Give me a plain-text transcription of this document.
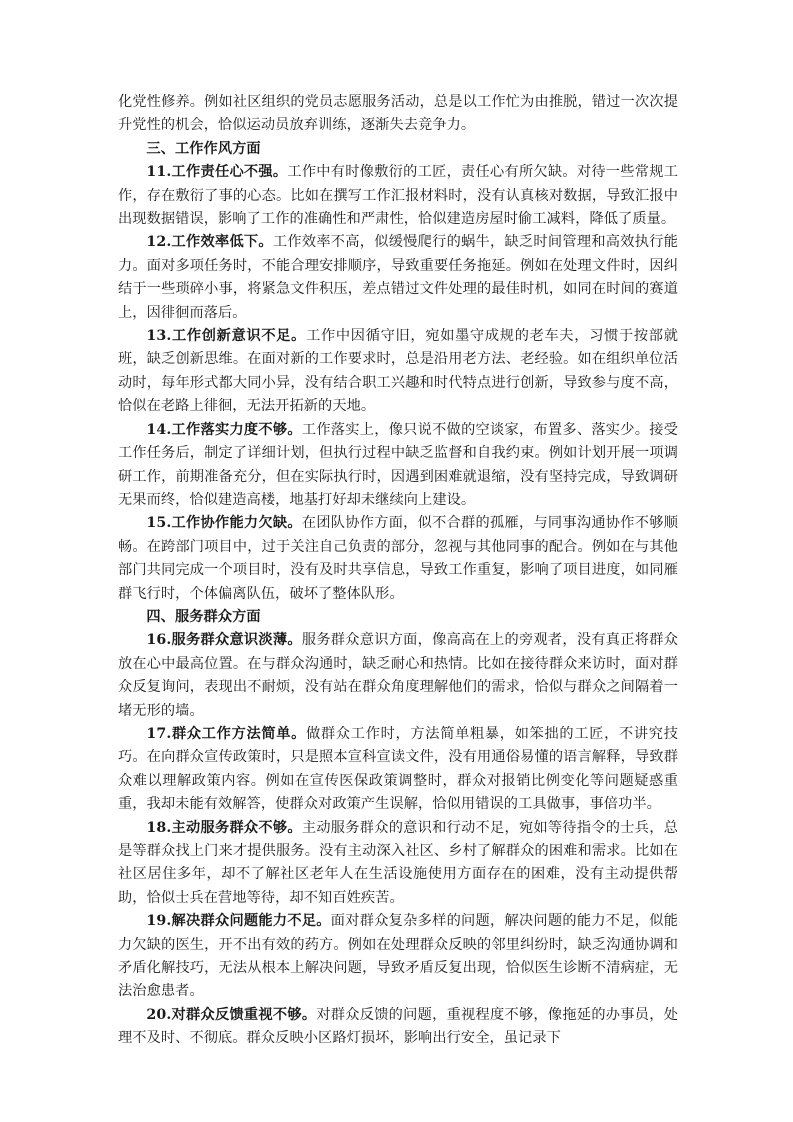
化党性修养。例如社区组织的党员志愿服务活动，总是以工作忙为由推脱，错过一次次提升党性的机会，恰似运动员放弃训练，逐渐失去竞争力。

三、工作作风方面

11.工作责任心不强。工作中有时像敷衍的工匠，责任心有所欠缺。对待一些常规工作，存在敷衍了事的心态。比如在撰写工作汇报材料时，没有认真核对数据，导致汇报中出现数据错误，影响了工作的准确性和严肃性，恰似建造房屋时偷工减料，降低了质量。

12.工作效率低下。工作效率不高，似缓慢爬行的蜗牛，缺乏时间管理和高效执行能力。面对多项任务时，不能合理安排顺序，导致重要任务拖延。例如在处理文件时，因纠结于一些琐碎小事，将紧急文件积压，差点错过文件处理的最佳时机，如同在时间的赛道上，因徘徊而落后。

13.工作创新意识不足。工作中因循守旧，宛如墨守成规的老车夫，习惯于按部就班，缺乏创新思维。在面对新的工作要求时，总是沿用老方法、老经验。如在组织单位活动时，每年形式都大同小异，没有结合职工兴趣和时代特点进行创新，导致参与度不高，恰似在老路上徘徊，无法开拓新的天地。

14.工作落实力度不够。工作落实上，像只说不做的空谈家，布置多、落实少。接受工作任务后，制定了详细计划，但执行过程中缺乏监督和自我约束。例如计划开展一项调研工作，前期准备充分，但在实际执行时，因遇到困难就退缩，没有坚持完成，导致调研无果而终，恰似建造高楼，地基打好却未继续向上建设。

15.工作协作能力欠缺。在团队协作方面，似不合群的孤雁，与同事沟通协作不够顺畅。在跨部门项目中，过于关注自己负责的部分，忽视与其他同事的配合。例如在与其他部门共同完成一个项目时，没有及时共享信息，导致工作重复，影响了项目进度，如同雁群飞行时，个体偏离队伍，破坏了整体队形。

四、服务群众方面

16.服务群众意识淡薄。服务群众意识方面，像高高在上的旁观者，没有真正将群众放在心中最高位置。在与群众沟通时，缺乏耐心和热情。比如在接待群众来访时，面对群众反复询问，表现出不耐烦，没有站在群众角度理解他们的需求，恰似与群众之间隔着一堵无形的墙。

17.群众工作方法简单。做群众工作时，方法简单粗暴，如笨拙的工匠，不讲究技巧。在向群众宣传政策时，只是照本宣科宣读文件，没有用通俗易懂的语言解释，导致群众难以理解政策内容。例如在宣传医保政策调整时，群众对报销比例变化等问题疑惑重重，我却未能有效解答，使群众对政策产生误解，恰似用错误的工具做事，事倍功半。

18.主动服务群众不够。主动服务群众的意识和行动不足，宛如等待指令的士兵，总是等群众找上门来才提供服务。没有主动深入社区、乡村了解群众的困难和需求。比如在社区居住多年，却不了解社区老年人在生活设施使用方面存在的困难，没有主动提供帮助，恰似士兵在营地等待，却不知百姓疾苦。

19.解决群众问题能力不足。面对群众复杂多样的问题，解决问题的能力不足，似能力欠缺的医生，开不出有效的药方。例如在处理群众反映的邻里纠纷时，缺乏沟通协调和矛盾化解技巧，无法从根本上解决问题，导致矛盾反复出现，恰似医生诊断不清病症，无法治愈患者。

20.对群众反馈重视不够。对群众反馈的问题，重视程度不够，像拖延的办事员，处理不及时、不彻底。群众反映小区路灯损坏，影响出行安全，虽记录下
